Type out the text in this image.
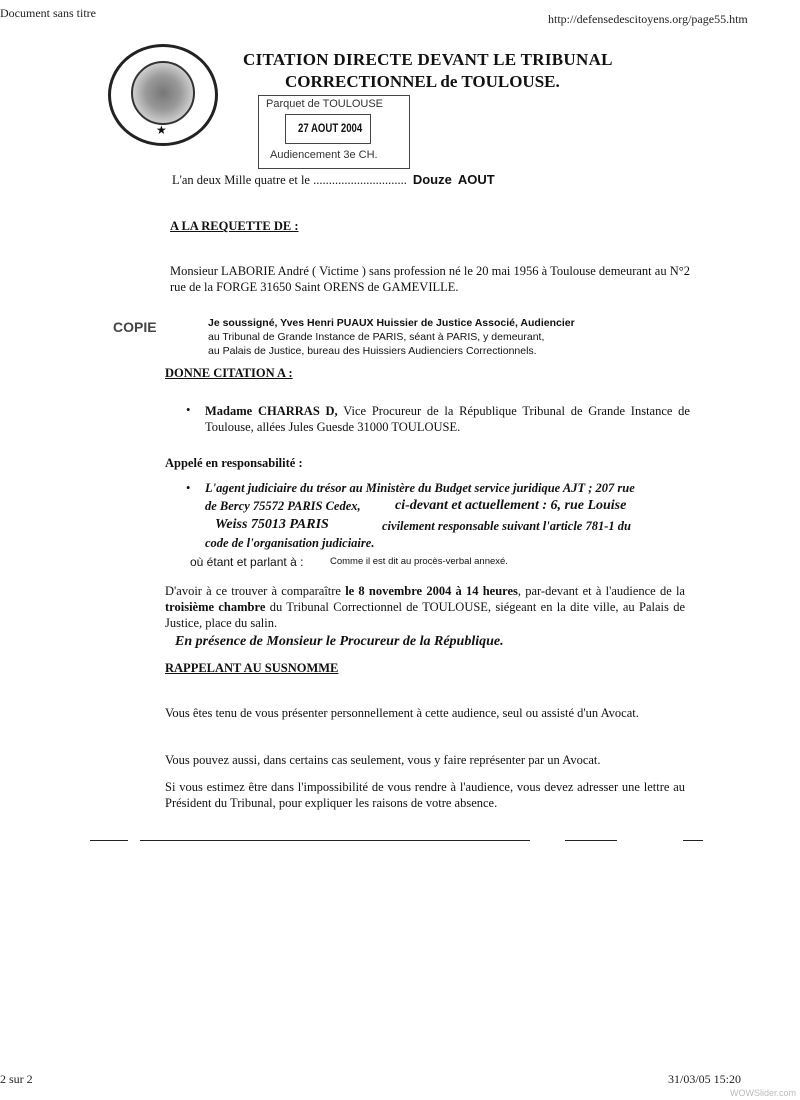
Document sans titre	http://defensedescitoyens.org/page55.htm
★
CITATION DIRECTE DEVANT LE TRIBUNAL
CORRECTIONNEL de TOULOUSE.
Parquet de TOULOUSE
27 AOUT 2004
Audiencement 3e CH.
L'an deux Mille quatre et le .............................. Douze AOUT
A LA REQUETTE DE :
Monsieur LABORIE André ( Victime ) sans profession né le 20 mai 1956 à Toulouse demeurant au N°2 rue de la FORGE 31650 Saint ORENS de GAMEVILLE.
COPIE	Je soussigné, Yves Henri PUAUX Huissier de Justice Associé, Audiencier
au Tribunal de Grande Instance de PARIS, séant à PARIS, y demeurant,
au Palais de Justice, bureau des Huissiers Audienciers Correctionnels.
DONNE CITATION A :
• Madame CHARRAS D, Vice Procureur de la République Tribunal de Grande Instance de Toulouse, allées Jules Guesde 31000 TOULOUSE.
Appelé en responsabilité :
• L'agent judiciaire du trésor au Ministère du Budget service juridique AJT ; 207 rue
de Bercy 75572 PARIS Cedex, ci-devant et actuellement : 6, rue Louise
Weiss 75013 PARIS	civilement responsable suivant l'article 781-1 du
code de l'organisation judiciaire.
où étant et parlant à :	Comme il est dit au procès-verbal annexé.
D'avoir à ce trouver à comparaître le 8 novembre 2004 à 14 heures, par-devant et à l'audience de la troisième chambre du Tribunal Correctionnel de TOULOUSE, siégeant en la dite ville, au Palais de Justice, place du salin.
En présence de Monsieur le Procureur de la République.
RAPPELANT AU SUSNOMME
Vous êtes tenu de vous présenter personnellement à cette audience, seul ou assisté d'un Avocat.
Vous pouvez aussi, dans certains cas seulement, vous y faire représenter par un Avocat.
Si vous estimez être dans l'impossibilité de vous rendre à l'audience, vous devez adresser une lettre au Président du Tribunal, pour expliquer les raisons de votre absence.
2 sur 2	31/03/05 15:20
WOWSlider.com
